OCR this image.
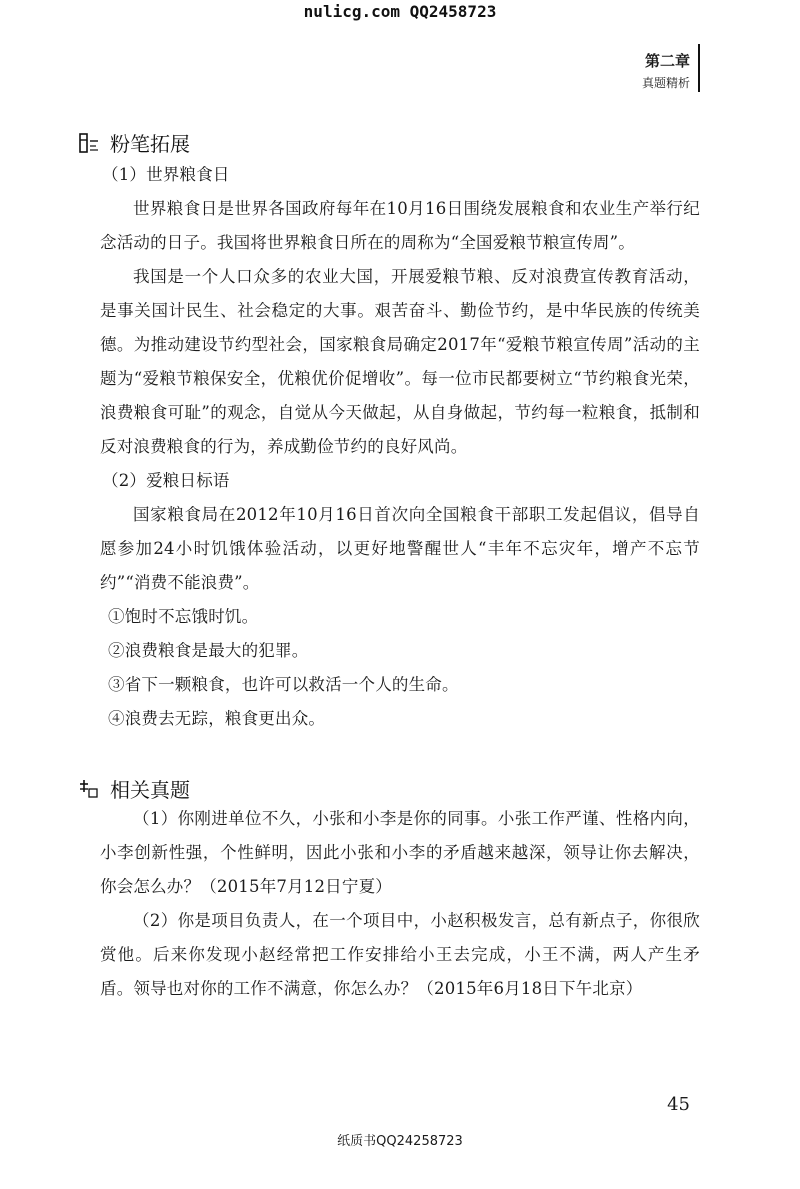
nulicg.com QQ2458723
第二章
真题精析
粉笔拓展

（1）世界粮食日

世界粮食日是世界各国政府每年在10月16日围绕发展粮食和农业生产举行纪念活动的日子。我国将世界粮食日所在的周称为“全国爱粮节粮宣传周”。

我国是一个人口众多的农业大国，开展爱粮节粮、反对浪费宣传教育活动，是事关国计民生、社会稳定的大事。艰苦奋斗、勤俭节约，是中华民族的传统美德。为推动建设节约型社会，国家粮食局确定2017年“爱粮节粮宣传周”活动的主题为“爱粮节粮保安全，优粮优价促增收”。每一位市民都要树立“节约粮食光荣，浪费粮食可耻”的观念，自觉从今天做起，从自身做起，节约每一粒粮食，抵制和反对浪费粮食的行为，养成勤俭节约的良好风尚。

（2）爱粮日标语

国家粮食局在2012年10月16日首次向全国粮食干部职工发起倡议，倡导自愿参加24小时饥饿体验活动，以更好地警醒世人“丰年不忘灾年，增产不忘节约”“消费不能浪费”。

①饱时不忘饿时饥。

②浪费粮食是最大的犯罪。

③省下一颗粮食，也许可以救活一个人的生命。

④浪费去无踪，粮食更出众。

相关真题

（1）你刚进单位不久，小张和小李是你的同事。小张工作严谨、性格内向，小李创新性强，个性鲜明，因此小张和小李的矛盾越来越深，领导让你去解决，你会怎么办？（2015年7月12日宁夏）

（2）你是项目负责人，在一个项目中，小赵积极发言，总有新点子，你很欣赏他。后来你发现小赵经常把工作安排给小王去完成，小王不满，两人产生矛盾。领导也对你的工作不满意，你怎么办？（2015年6月18日下午北京）

45
纸质书QQ24258723
